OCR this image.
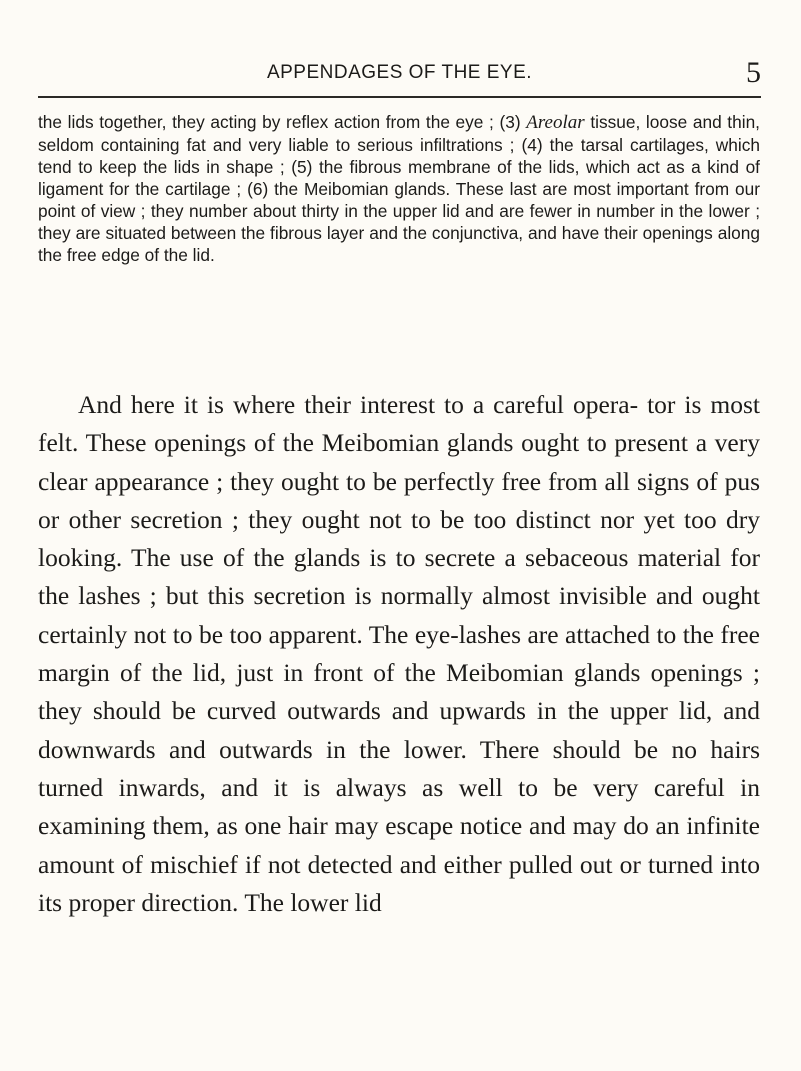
APPENDAGES OF THE EYE.	5

the lids together, they acting by reflex action from the eye ; (3) Areolar tissue, loose and thin, seldom containing fat and very liable to serious infiltrations ; (4) the tarsal cartilages, which tend to keep the lids in shape ; (5) the fibrous membrane of the lids, which act as a kind of ligament for the cartilage ; (6) the Meibomian glands. These last are most important from our point of view ; they number about thirty in the upper lid and are fewer in number in the lower ; they are situated between the fibrous layer and the conjunctiva, and have their openings along the free edge of the lid.

And here it is where their interest to a careful opera- tor is most felt. These openings of the Meibomian glands ought to present a very clear appearance ; they ought to be perfectly free from all signs of pus or other secretion ; they ought not to be too distinct nor yet too dry looking. The use of the glands is to secrete a sebaceous material for the lashes ; but this secretion is normally almost invisible and ought certainly not to be too apparent. The eye-lashes are attached to the free margin of the lid, just in front of the Meibomian glands openings ; they should be curved outwards and upwards in the upper lid, and downwards and outwards in the lower. There should be no hairs turned inwards, and it is always as well to be very careful in examining them, as one hair may escape notice and may do an infinite amount of mischief if not detected and either pulled out or turned into its proper direction. The lower lid
